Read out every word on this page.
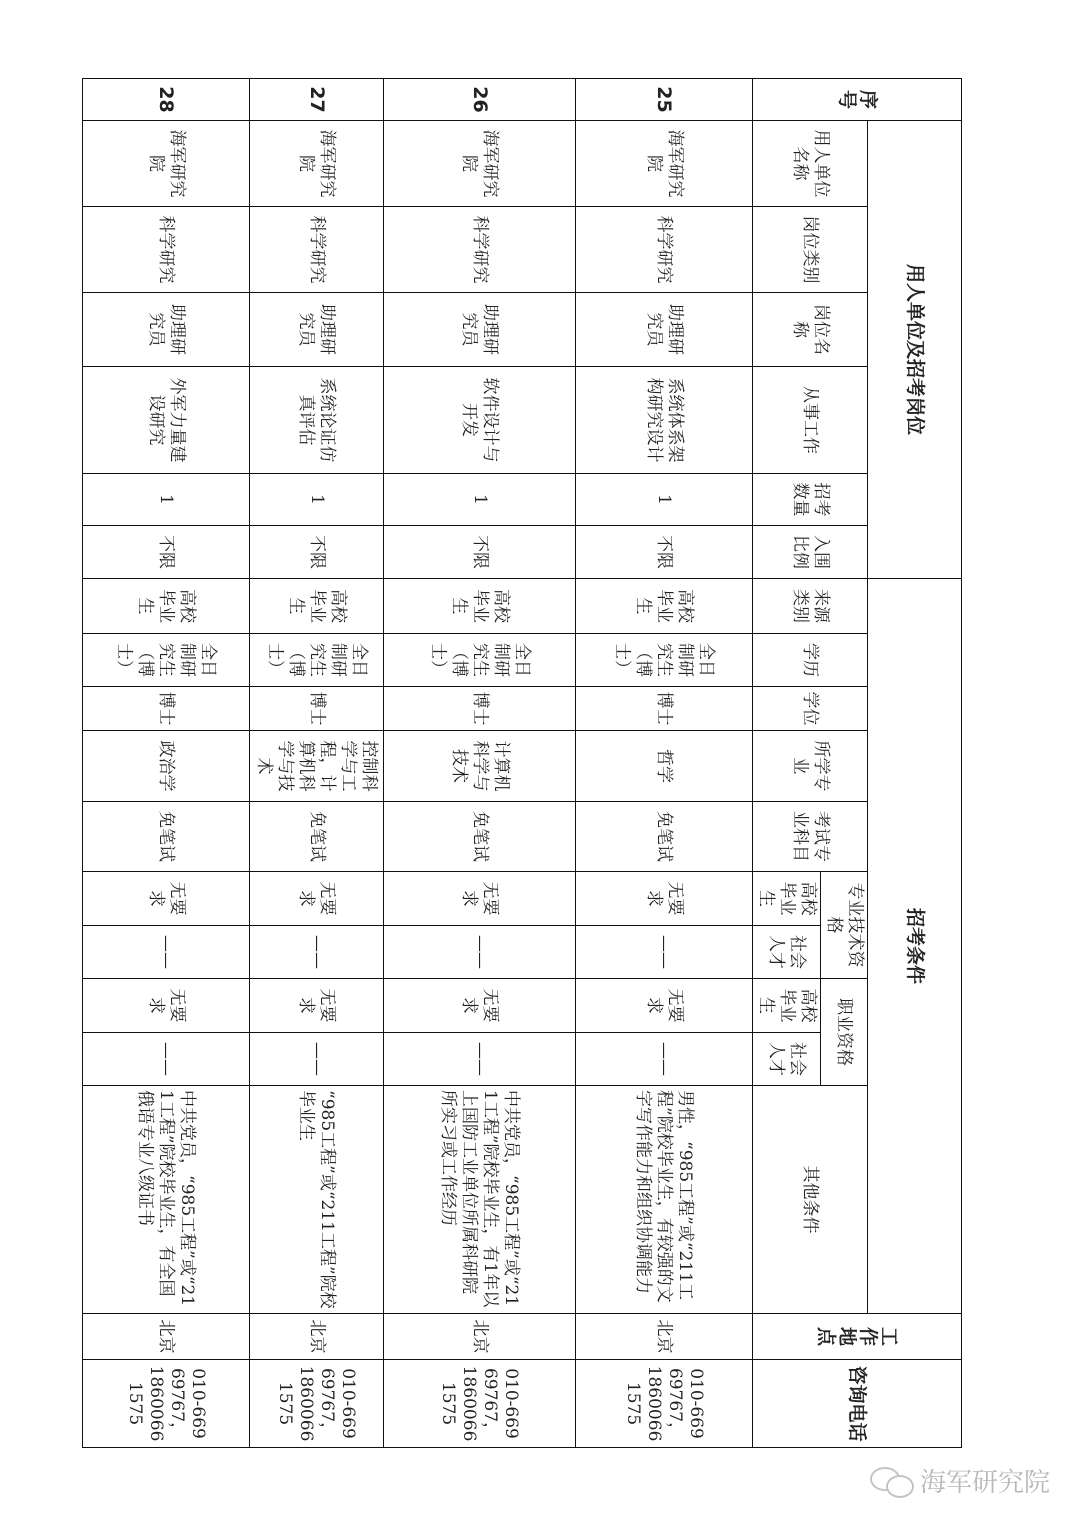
序号	用人单位及招考岗位						招考条件										工作地点	咨询电话
	用人单位名称	岗位类别	岗位名称	从事工作	招考数量	入围比例	来源类别	学历	学位	所学专业	考试专业科目	专业技术资格		职业资格		其他条件		
												高校毕业生	社会人才	高校毕业生	社会人才			
25	海军研究院	科学研究	助理研究员	系统体系架构研究设计	1	不限	高校毕业生	全日制研究生（博士）	博士	哲学	免笔试	无要求	——	无要求	——	男性，“985工程”或“211工程”院校毕业生，有较强的文字写作能力和组织协调能力	北京	010-66969767，18600661575
26	海军研究院	科学研究	助理研究员	软件设计与开发	1	不限	高校毕业生	全日制研究生（博士）	博士	计算机科学与技术	免笔试	无要求	——	无要求	——	中共党员，“985工程”或“211工程”院校毕业生，有1年以上国防工业单位所属科研院所实习或工作经历	北京	010-66969767，18600661575
27	海军研究院	科学研究	助理研究员	系统论证仿真评估	1	不限	高校毕业生	全日制研究生（博士）	博士	控制科学与工程，计算机科学与技术	免笔试	无要求	——	无要求	——	“985工程”或“211工程”院校毕业生	北京	010-66969767，18600661575
28	海军研究院	科学研究	助理研究员	外军力量建设研究	1	不限	高校毕业生	全日制研究生（博士）	博士	政治学	免笔试	无要求	——	无要求	——	中共党员，“985工程”或“211工程”院校毕业生，有全国俄语专业八级证书	北京	010-66969767，18600661575
海军研究院
